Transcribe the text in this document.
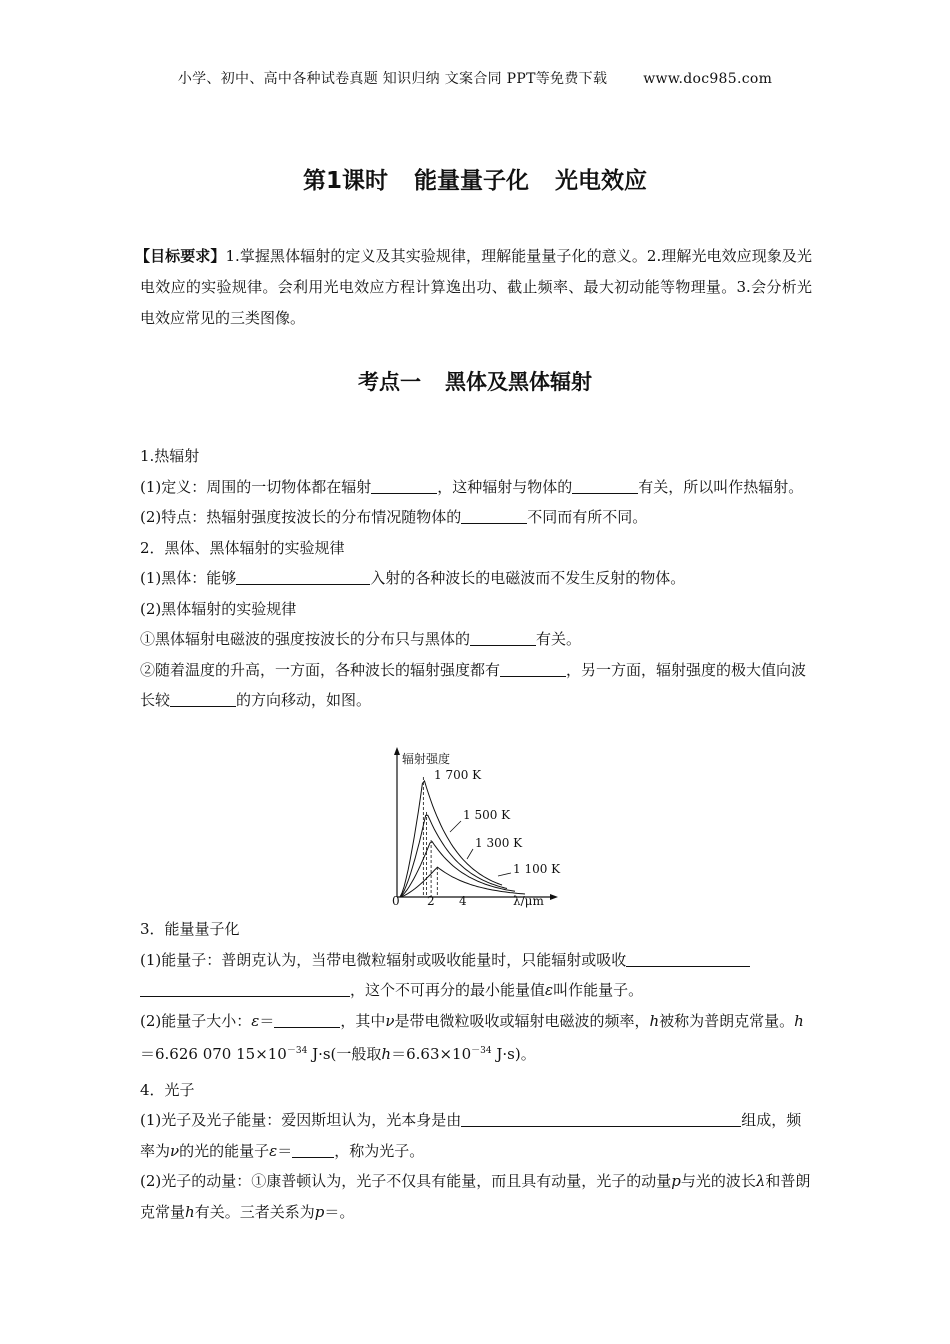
小学、初中、高中各种试卷真题 知识归纳 文案合同 PPT等免费下载	www.doc985.com
第1课时 能量量子化 光电效应
【目标要求】1.掌握黑体辐射的定义及其实验规律，理解能量量子化的意义。2.理解光电效应现象及光电效应的实验规律。会利用光电效应方程计算逸出功、截止频率、最大初动能等物理量。3.会分析光电效应常见的三类图像。
考点一 黑体及黑体辐射

1.热辐射

(1)定义：周围的一切物体都在辐射	，这种辐射与物体的	有关，所以叫作热辐射。

(2)特点：热辐射强度按波长的分布情况随物体的	不同而有所不同。

2．黑体、黑体辐射的实验规律

(1)黑体：能够	入射的各种波长的电磁波而不发生反射的物体。

(2)黑体辐射的实验规律

①黑体辐射电磁波的强度按波长的分布只与黑体的	有关。

②随着温度的升高，一方面，各种波长的辐射强度都有	，另一方面，辐射强度的极大值向波长较	的方向移动，如图。

辐射强度
λ/μm
0 2 4
1 700 K
1 500 K
1 300 K
1 100 K

3．能量量子化

(1)能量子：普朗克认为，当带电微粒辐射或吸收能量时，只能辐射或吸收
，这个不可再分的最小能量值ε叫作能量子。

(2)能量子大小：ε＝	，其中ν是带电微粒吸收或辐射电磁波的频率，h被称为普朗克常量。h＝6.626 070 $15\times 10^{-34}$ J·s(一般取$h=6.63\times 10^{-34}$ J·s)。

4．光子

(1)光子及光子能量：爱因斯坦认为，光本身是由	组成，频率为ν的光的能量子ε＝	，称为光子。

(2)光子的动量：①康普顿认为，光子不仅具有能量，而且具有动量，光子的动量p与光的波长λ和普朗克常量h有关。三者关系为p＝。
